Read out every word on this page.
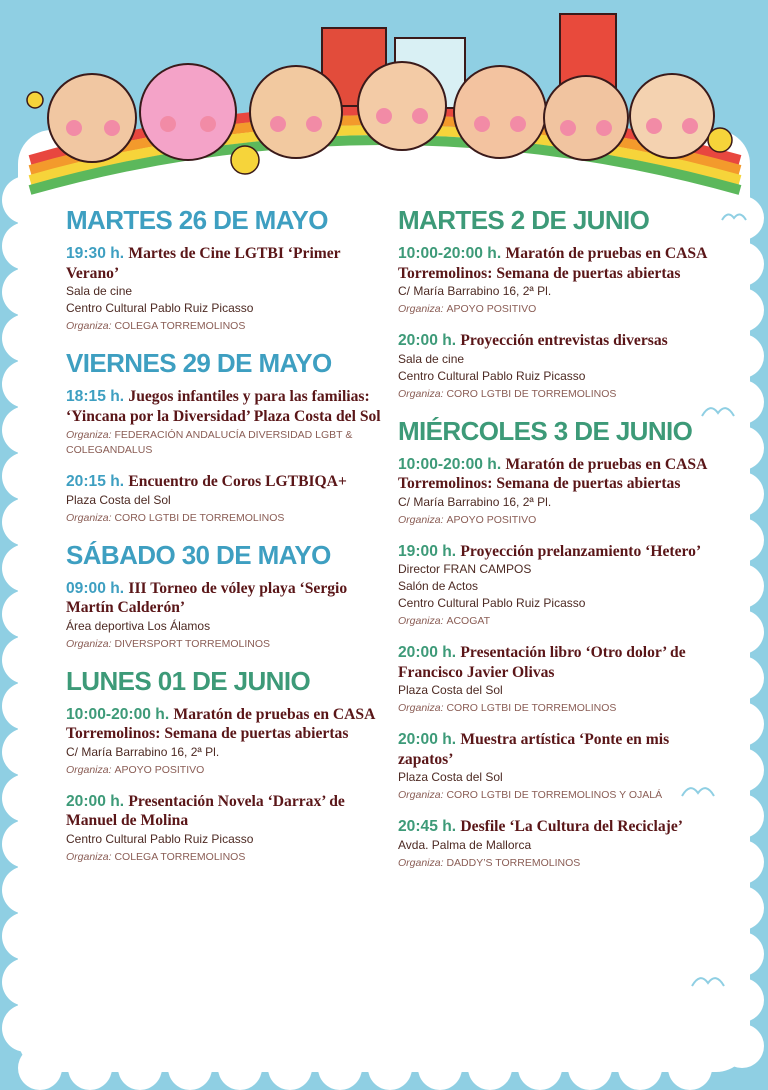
MARTES 26 DE MAYO
19:30 h. Martes de Cine LGTBI ‘Primer Verano’
Sala de cine
Centro Cultural Pablo Ruiz Picasso
Organiza: COLEGA TORREMOLINOS
VIERNES 29 DE MAYO
18:15 h. Juegos infantiles y para las familias: ‘Yincana por la Diversidad’ Plaza Costa del Sol
Organiza: FEDERACIÓN ANDALUCÍA DIVERSIDAD LGBT & COLEGANDALUS
20:15 h. Encuentro de Coros LGTBIQA+
Plaza Costa del Sol
Organiza: CORO LGTBI DE TORREMOLINOS
SÁBADO 30 DE MAYO
09:00 h. III Torneo de vóley playa ‘Sergio Martín Calderón’
Área deportiva Los Álamos
Organiza: DIVERSPORT TORREMOLINOS
LUNES 01 DE JUNIO
10:00-20:00 h. Maratón de pruebas en CASA Torremolinos: Semana de puertas abiertas
C/ María Barrabino 16, 2ª Pl.
Organiza: APOYO POSITIVO
20:00 h. Presentación Novela ‘Darrax’ de Manuel de Molina
Centro Cultural Pablo Ruiz Picasso
Organiza: COLEGA TORREMOLINOS
MARTES 2 DE JUNIO
10:00-20:00 h. Maratón de pruebas en CASA Torremolinos: Semana de puertas abiertas
C/ María Barrabino 16, 2ª Pl.
Organiza: APOYO POSITIVO
20:00 h. Proyección entrevistas diversas
Sala de cine
Centro Cultural Pablo Ruiz Picasso
Organiza: CORO LGTBI DE TORREMOLINOS
MIÉRCOLES 3 DE JUNIO
10:00-20:00 h. Maratón de pruebas en CASA Torremolinos: Semana de puertas abiertas
C/ María Barrabino 16, 2ª Pl.
Organiza: APOYO POSITIVO
19:00 h. Proyección prelanzamiento ‘Hetero’
Director FRAN CAMPOS
Salón de Actos
Centro Cultural Pablo Ruiz Picasso
Organiza: ACOGAT
20:00 h. Presentación libro ‘Otro dolor’ de Francisco Javier Olivas
Plaza Costa del Sol
Organiza: CORO LGTBI DE TORREMOLINOS
20:00 h. Muestra artística ‘Ponte en mis zapatos’
Plaza Costa del Sol
Organiza: CORO LGTBI DE TORREMOLINOS Y OJALÁ
20:45 h. Desfile ‘La Cultura del Reciclaje’
Avda. Palma de Mallorca
Organiza: DADDY’S TORREMOLINOS
